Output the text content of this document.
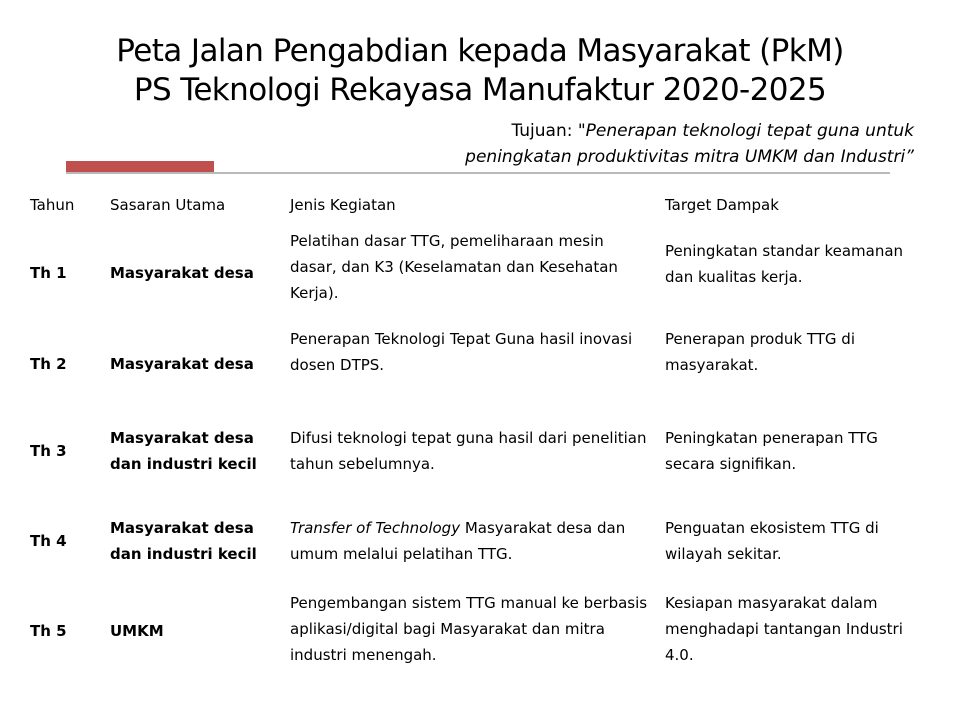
Peta Jalan Pengabdian kepada Masyarakat (PkM)
PS Teknologi Rekayasa Manufaktur 2020-2025
Tujuan: "Penerapan teknologi tepat guna untuk
peningkatan produktivitas mitra UMKM dan Industri”
Tahun	Sasaran Utama	Jenis Kegiatan	Target Dampak
Th 1	Masyarakat desa	Pelatihan dasar TTG, pemeliharaan mesin dasar, dan K3 (Keselamatan dan Kesehatan Kerja).	Peningkatan standar keamanan dan kualitas kerja.
Th 2	Masyarakat desa	Penerapan Teknologi Tepat Guna hasil inovasi dosen DTPS.	Penerapan produk TTG di masyarakat.
Th 3	Masyarakat desa dan industri kecil	Difusi teknologi tepat guna hasil dari penelitian tahun sebelumnya.	Peningkatan penerapan TTG secara signifikan.
Th 4	Masyarakat desa dan industri kecil	Transfer of Technology Masyarakat desa dan umum melalui pelatihan TTG.	Penguatan ekosistem TTG di wilayah sekitar.
Th 5	UMKM	Pengembangan sistem TTG manual ke berbasis aplikasi/digital bagi Masyarakat dan mitra industri menengah.	Kesiapan masyarakat dalam menghadapi tantangan Industri 4.0.
